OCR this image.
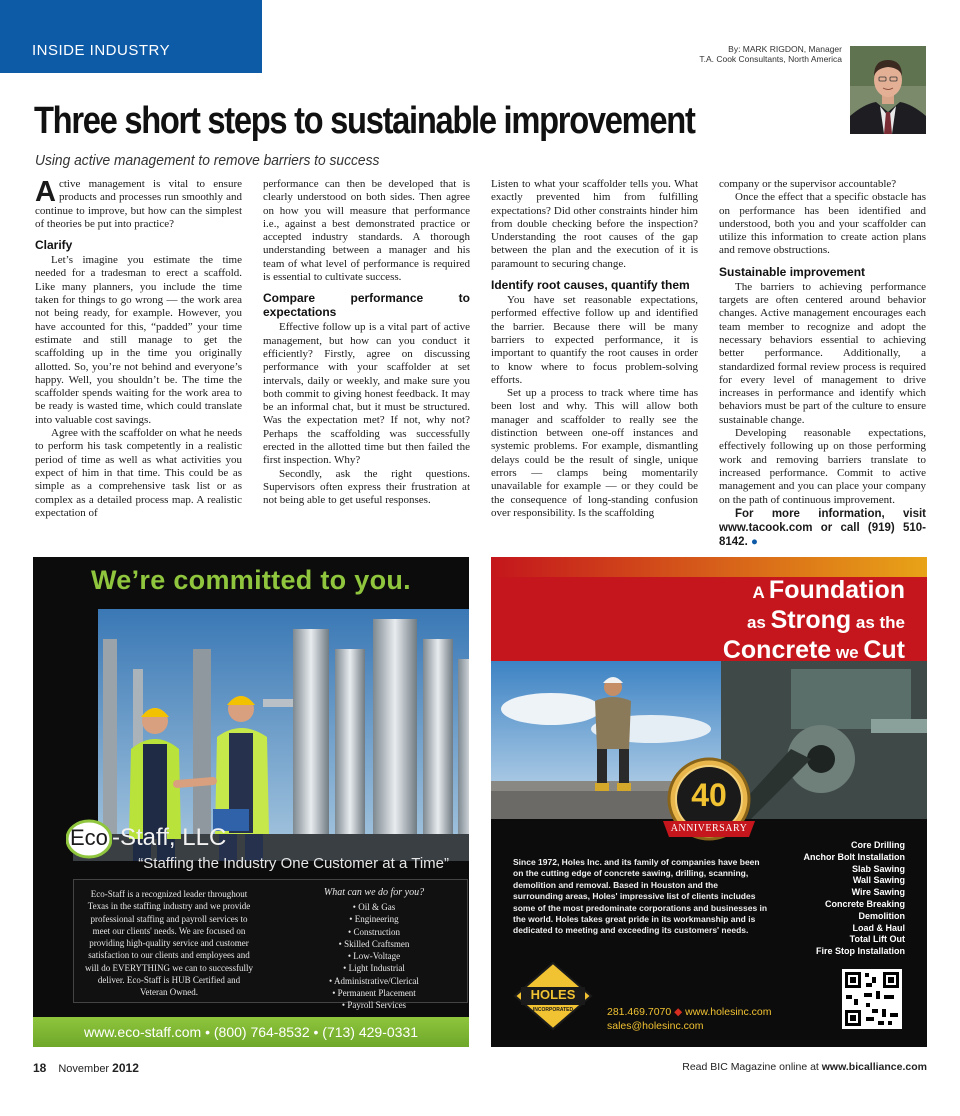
INSIDE INDUSTRY	By: MARK RIGDON, Manager
T.A. Cook Consultants, North America
Three short steps to sustainable improvement
Using active management to remove barriers to success

Active management is vital to ensure products and processes run smoothly and continue to improve, but how can the simplest of theories be put into practice?

Clarify

Let’s imagine you estimate the time needed for a tradesman to erect a scaffold. Like many planners, you include the time taken for things to go wrong — the work area not being ready, for example. However, you have accounted for this, “padded” your time estimate and still manage to get the scaffolding up in the time you originally allotted. So, you’re not behind and everyone’s happy. Well, you shouldn’t be. The time the scaffolder spends waiting for the work area to be ready is wasted time, which could translate into valuable cost savings.

Agree with the scaffolder on what he needs to perform his task competently in a realistic period of time as well as what activities you expect of him in that time. This could be as simple as a comprehensive task list or as complex as a detailed process map. A realistic expectation of

performance can then be developed that is clearly understood on both sides. Then agree on how you will measure that performance i.e., against a best demonstrated practice or accepted industry standards. A thorough understanding between a manager and his team of what level of performance is required is essential to cultivate success.

Compare performance to expectations

Effective follow up is a vital part of active management, but how can you conduct it efficiently? Firstly, agree on discussing performance with your scaffolder at set intervals, daily or weekly, and make sure you both commit to giving honest feedback. It may be an informal chat, but it must be structured. Was the expectation met? If not, why not? Perhaps the scaffolding was successfully erected in the allotted time but then failed the first inspection. Why?

Secondly, ask the right questions. Supervisors often express their frustration at not being able to get useful responses.

Listen to what your scaffolder tells you. What exactly prevented him from fulfilling expectations? Did other constraints hinder him from double checking before the inspection? Understanding the root causes of the gap between the plan and the execution of it is paramount to securing change.

Identify root causes, quantify them

You have set reasonable expectations, performed effective follow up and identified the barrier. Because there will be many barriers to expected performance, it is important to quantify the root causes in order to know where to focus problem-solving efforts.

Set up a process to track where time has been lost and why. This will allow both manager and scaffolder to really see the distinction between one-off instances and systemic problems. For example, dismantling delays could be the result of single, unique errors — clamps being momentarily unavailable for example — or they could be the consequence of long-standing confusion over responsibility. Is the scaffolding

company or the supervisor accountable?

Once the effect that a specific obstacle has on performance has been identified and understood, both you and your scaffolder can utilize this information to create action plans and remove obstructions.

Sustainable improvement

The barriers to achieving performance targets are often centered around behavior changes. Active management encourages each team member to recognize and adopt the necessary behaviors essential to achieving better performance. Additionally, a standardized formal review process is required for every level of management to drive increases in performance and identify which behaviors must be part of the culture to ensure sustainable change.

Developing reasonable expectations, effectively following up on those performing work and removing barriers translate to increased performance. Commit to active management and you can place your company on the path of continuous improvement.

For more information, visit www.tacook.com or call (919) 510-8142. ●

We’re committed to you.
Eco -Staff, LLC
“Staffing the Industry One Customer at a Time”
Eco-Staff is a recognized leader throughout Texas in the staffing industry and we provide professional staffing and payroll services to meet our clients' needs. We are focused on providing high-quality service and customer satisfaction to our clients and employees and will do EVERYTHING we can to successfully deliver. Eco-Staff is HUB Certified and Veteran Owned.
What can we do for you?
• Oil & Gas
• Engineering
• Construction
• Skilled Craftsmen
• Low-Voltage
• Light Industrial
• Administrative/Clerical
• Permanent Placement
• Payroll Services
www.eco-staff.com • (800) 764-8532 • (713) 429-0331
A Foundation
as Strong as the
Concrete we Cut
40
ANNIVERSARY
Since 1972, Holes Inc. and its family of companies have been on the cutting edge of concrete sawing, drilling, scanning, demolition and removal. Based in Houston and the surrounding areas, Holes' impressive list of clients includes some of the most predominate corporations and businesses in the world. Holes takes great pride in its workmanship and is dedicated to meeting and exceeding its customers' needs.
Core Drilling
Anchor Bolt Installation
Slab Sawing
Wall Sawing
Wire Sawing
Concrete Breaking
Demolition
Load & Haul
Total Lift Out
Fire Stop Installation
HOLES
INCORPORATED	281.469.7070 ◆ www.holesinc.com
sales@holesinc.com
18 November 2012	Read BIC Magazine online at www.bicalliance.com
